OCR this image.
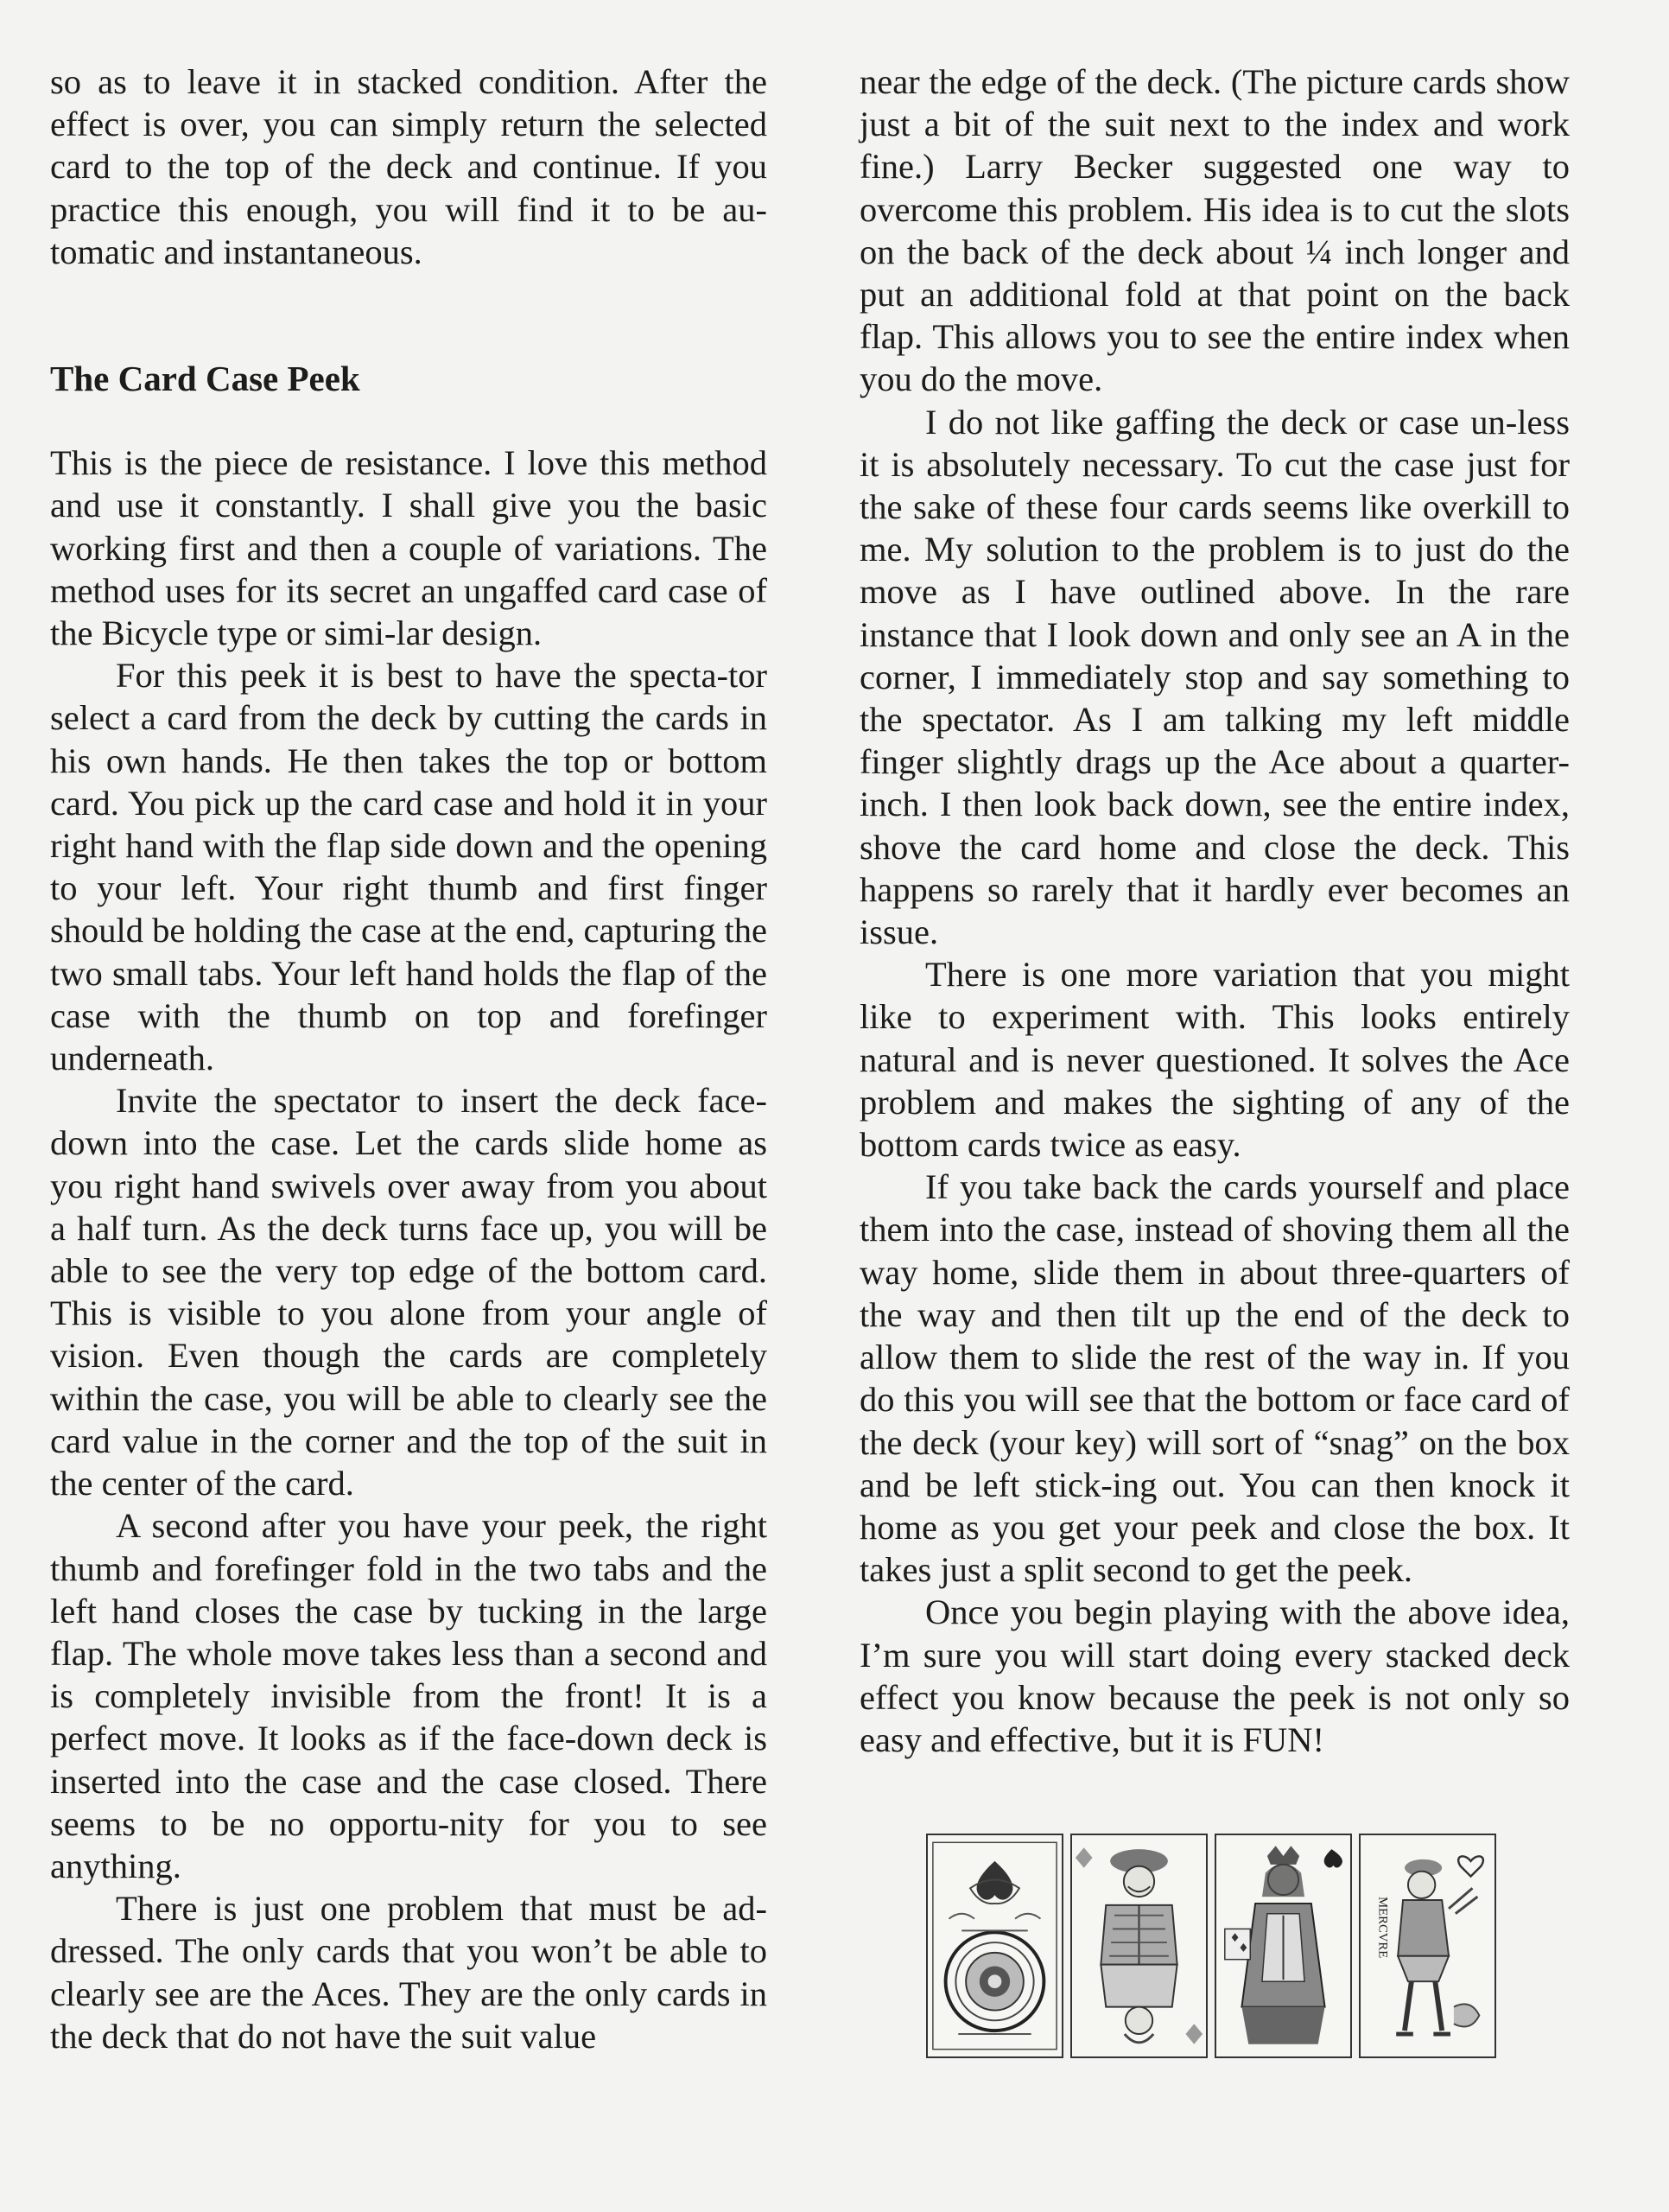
so as to leave it in stacked condition. After the effect is over, you can simply return the selected card to the top of the deck and continue. If you practice this enough, you will find it to be au-tomatic and instantaneous.

The Card Case Peek

This is the piece de resistance. I love this method and use it constantly. I shall give you the basic working first and then a couple of variations. The method uses for its secret an ungaffed card case of the Bicycle type or simi-lar design.

For this peek it is best to have the specta-tor select a card from the deck by cutting the cards in his own hands. He then takes the top or bottom card. You pick up the card case and hold it in your right hand with the flap side down and the opening to your left. Your right thumb and first finger should be holding the case at the end, capturing the two small tabs. Your left hand holds the flap of the case with the thumb on top and forefinger underneath.

Invite the spectator to insert the deck face-down into the case. Let the cards slide home as you right hand swivels over away from you about a half turn. As the deck turns face up, you will be able to see the very top edge of the bottom card. This is visible to you alone from your angle of vision. Even though the cards are completely within the case, you will be able to clearly see the card value in the corner and the top of the suit in the center of the card.

A second after you have your peek, the right thumb and forefinger fold in the two tabs and the left hand closes the case by tucking in the large flap. The whole move takes less than a second and is completely invisible from the front! It is a perfect move. It looks as if the face-down deck is inserted into the case and the case closed. There seems to be no opportu-nity for you to see anything.

There is just one problem that must be ad-dressed. The only cards that you won’t be able to clearly see are the Aces. They are the only cards in the deck that do not have the suit value

near the edge of the deck. (The picture cards show just a bit of the suit next to the index and work fine.) Larry Becker suggested one way to overcome this problem. His idea is to cut the slots on the back of the deck about ¼ inch longer and put an additional fold at that point on the back flap. This allows you to see the entire index when you do the move.

I do not like gaffing the deck or case un-less it is absolutely necessary. To cut the case just for the sake of these four cards seems like overkill to me. My solution to the problem is to just do the move as I have outlined above. In the rare instance that I look down and only see an A in the corner, I immediately stop and say something to the spectator. As I am talking my left middle finger slightly drags up the Ace about a quarter-inch. I then look back down, see the entire index, shove the card home and close the deck. This happens so rarely that it hardly ever becomes an issue.

There is one more variation that you might like to experiment with. This looks entirely natural and is never questioned. It solves the Ace problem and makes the sighting of any of the bottom cards twice as easy.

If you take back the cards yourself and place them into the case, instead of shoving them all the way home, slide them in about three-quarters of the way and then tilt up the end of the deck to allow them to slide the rest of the way in. If you do this you will see that the bottom or face card of the deck (your key) will sort of “snag” on the box and be left stick-ing out. You can then knock it home as you get your peek and close the box. It takes just a split second to get the peek.

Once you begin playing with the above idea, I’m sure you will start doing every stacked deck effect you know because the peek is not only so easy and effective, but it is FUN!

MERCVRE
